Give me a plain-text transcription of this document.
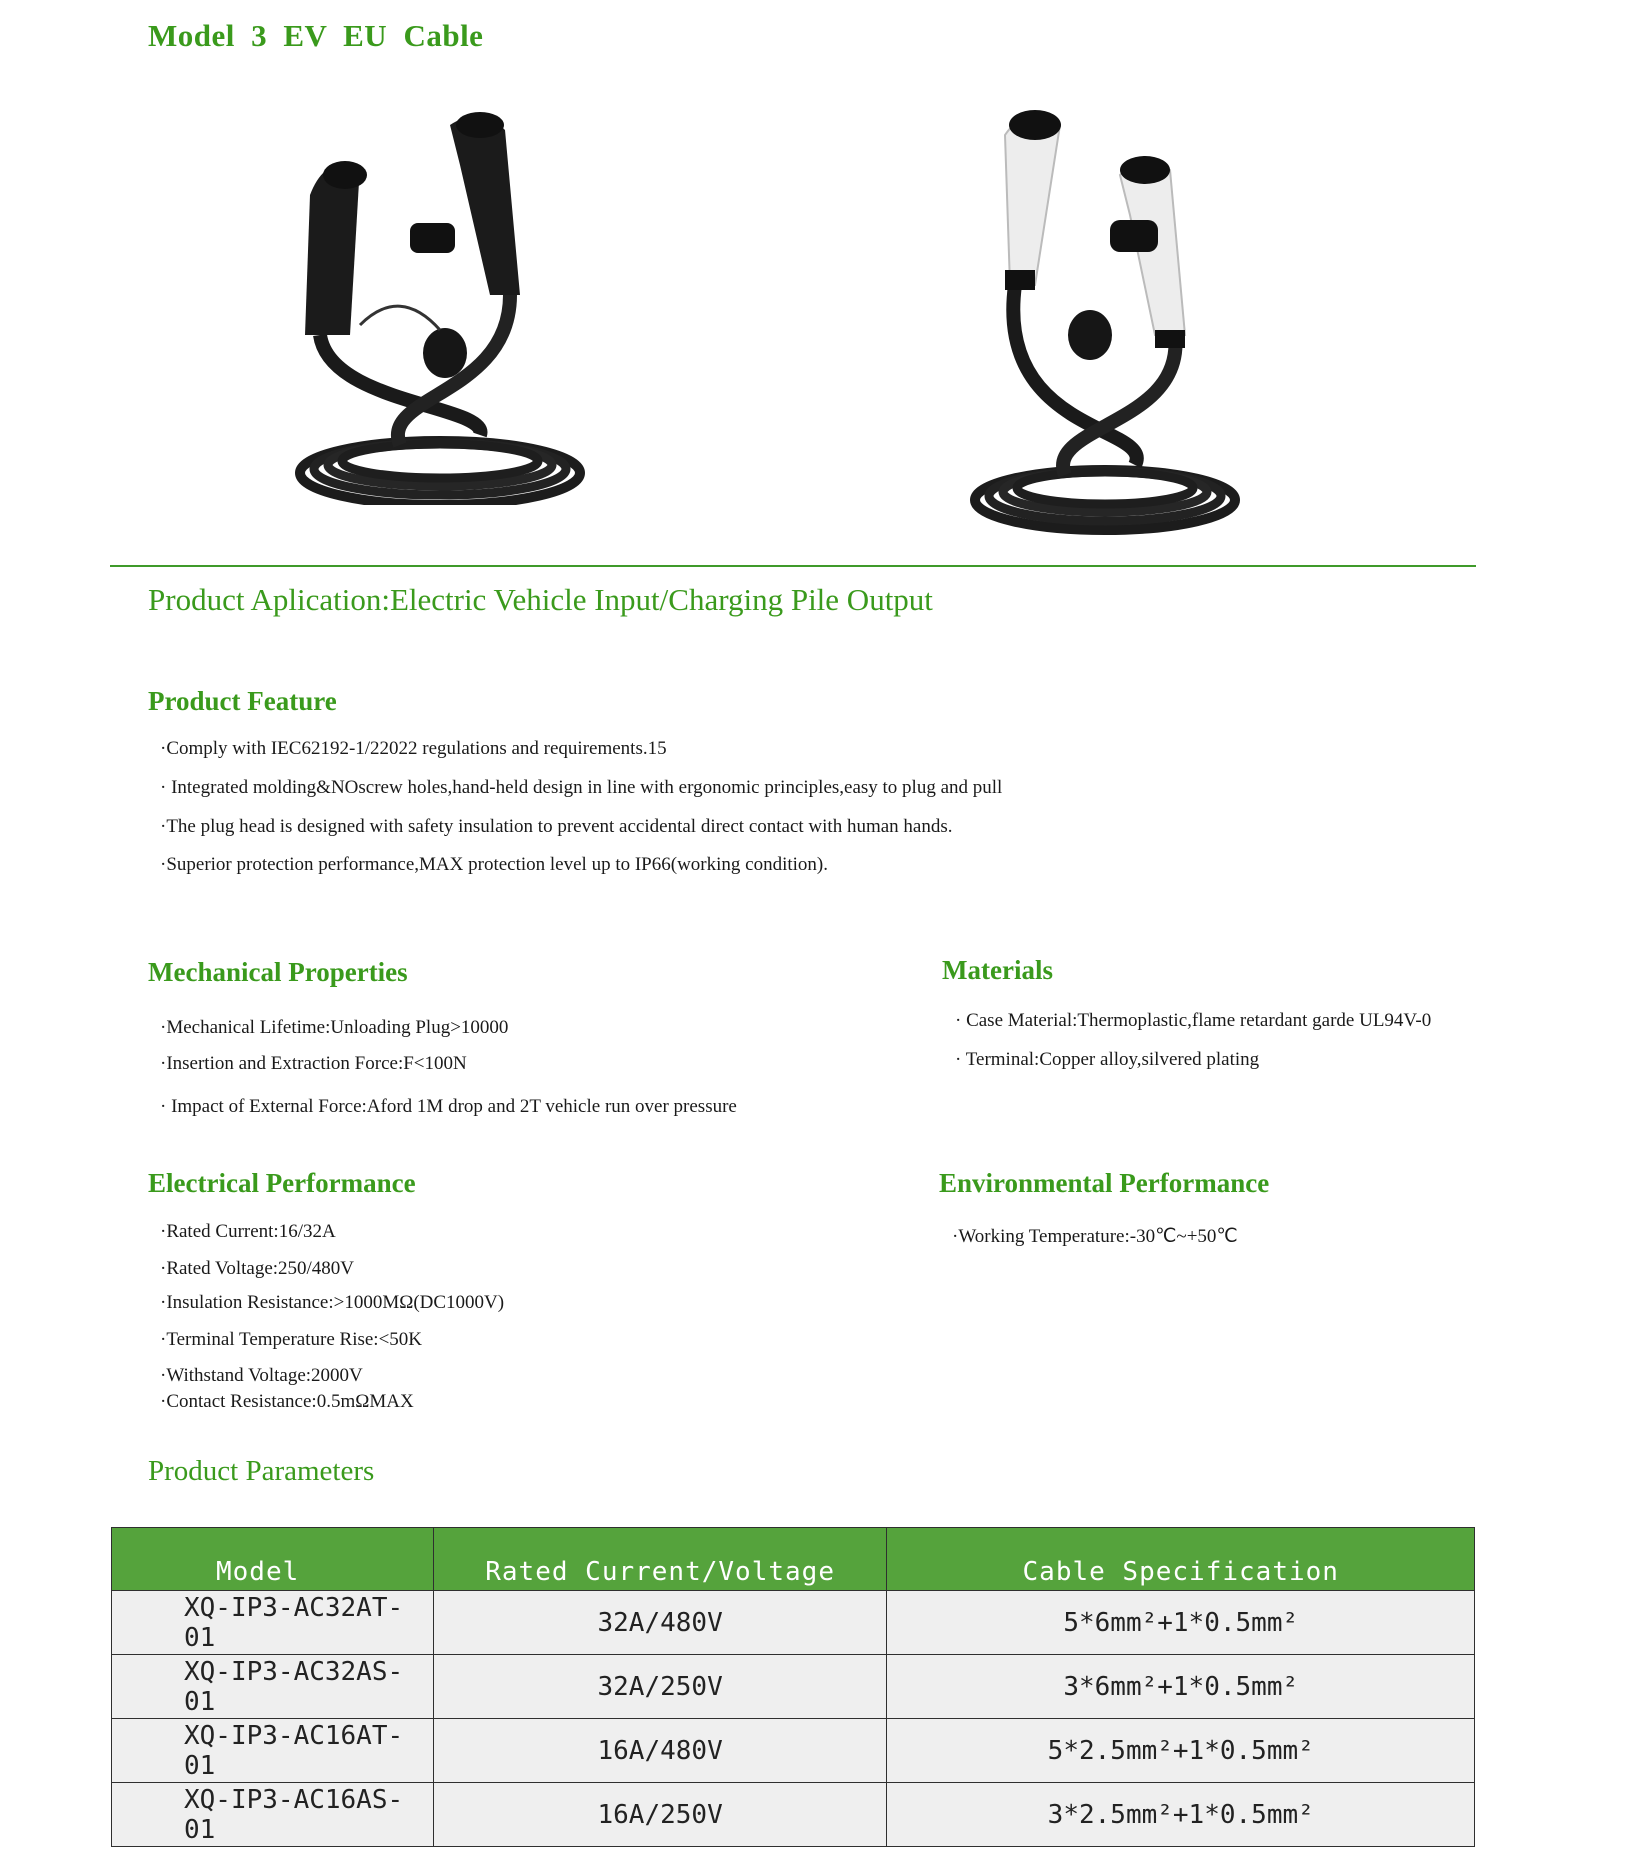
Model 3 EV EU Cable
Product Aplication:Electric Vehicle Input/Charging Pile Output
Product Feature
·Comply with IEC62192-1/22022 regulations and requirements.15
· Integrated molding&NOscrew holes,hand-held design in line with ergonomic principles,easy to plug and pull
·The plug head is designed with safety insulation to prevent accidental direct contact with human hands.
·Superior protection performance,MAX protection level up to IP66(working condition).
Mechanical Properties
·Mechanical Lifetime:Unloading Plug>10000
·Insertion and Extraction Force:F<100N
· Impact of External Force:Aford 1M drop and 2T vehicle run over pressure
Materials
· Case Material:Thermoplastic,flame retardant garde UL94V-0
· Terminal:Copper alloy,silvered plating
Electrical Performance
·Rated Current:16/32A
·Rated Voltage:250/480V
·Insulation Resistance:>1000MΩ(DC1000V)
·Terminal Temperature Rise:<50K
·Withstand Voltage:2000V
·Contact Resistance:0.5mΩMAX
Environmental Performance
·Working Temperature:-30℃~+50℃
Product Parameters
Model	Rated Current/Voltage	Cable Specification
XQ-IP3-AC32AT-01	32A/480V	5*6mm²+1*0.5mm²
XQ-IP3-AC32AS-01	32A/250V	3*6mm²+1*0.5mm²
XQ-IP3-AC16AT-01	16A/480V	5*2.5mm²+1*0.5mm²
XQ-IP3-AC16AS-01	16A/250V	3*2.5mm²+1*0.5mm²
